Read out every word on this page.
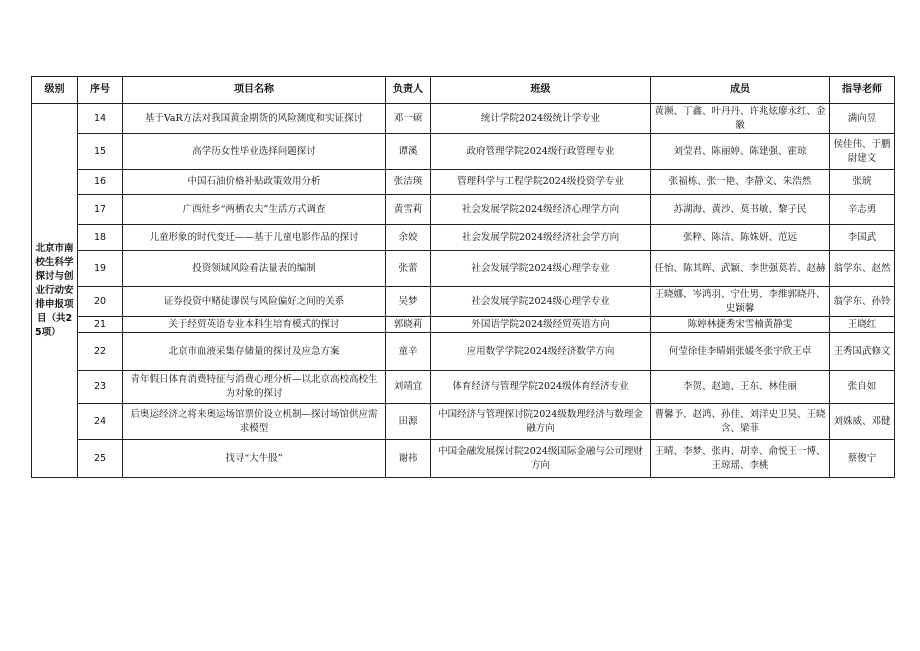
级别	序号	项目名称	负责人	班级	成员	指导老师
北京市南校生科学探讨与创业行动安排申报项目（共25项）	14	基于VaR方法对我国黄金期货的风险测度和实证探讨	邓一硕	统计学院2024级统计学专业	黄濒、丁鑫、叶丹丹、许兆炫廖永红、金徽	满向昱
	15	高学历女性毕业选择问题探讨	谭溪	政府管理学院2024级行政管理专业	刘莹君、陈丽婷、陈建强、霍琼	侯佳伟、于鹏尉建文
	16	中国石油价格补贴政策效用分析	张洁瑛	管理科学与工程学院2024级投资学专业	张福栋、张一艳、李静文、朱浩然	张琥
	17	广西灶乡“两栖农夫”生活方式调查	黄雪莉	社会发展学院2024级经济心理学方向	苏湖海、黄沙、莫书敏、黎子民	辛志勇
	18	儿童形象的时代变迁——基于儿童电影作品的探讨	余姣	社会发展学院2024级经济社会学方向	张粹、陈洁、陈姝妍、范远	李国武
	19	投资领域风险看法量表的编制	张蕾	社会发展学院2024级心理学专业	任怡、陈其晖、武颖、李世强莫若、赵赫	翁学东、赵然
	20	证券投资中赌徒谬误与风险偏好之间的关系	吴梦	社会发展学院2024级心理学专业	王晓娜、岑鸿羽、宁仕男、李维郭晓丹、史颖馨	翁学东、孙铃
	21	关于经贸英语专业本科生培育模式的探讨	郭晓莉	外国语学院2024级经贸英语方向	陈婷林捷秀宋雪楠黄静雯	王晓红
	22	北京市血液采集存储量的探讨及应急方案	童辛	应用数学学院2024级经济数学方向	何莹徐佳李晴娟张媛冬张宇欣王卓	王秀国武修文
	23	青年假日体育消费特征与消费心理分析—以北京高校高校生为对象的探讨	刘靖宜	体育经济与管理学院2024级体育经济专业	李贺、赵迪、王东、林佳丽	张自如
	24	后奥运经济之将来奥运场馆票价设立机制—探讨场馆供应需求模型	田源	中国经济与管理探讨院2024级数理经济与数理金融方向	曹馨予、赵鸿、孙佳、刘洋史卫昊、王晓含、梁菲	刘姝威、邓健
	25	找寻“大牛股”	谢祎	中国金融发展探讨院2024级国际金融与公司理财方向	王晴、李梦、张冉、胡幸、俞悦王一博、王琼瑶、李桃	蔡俊宁
